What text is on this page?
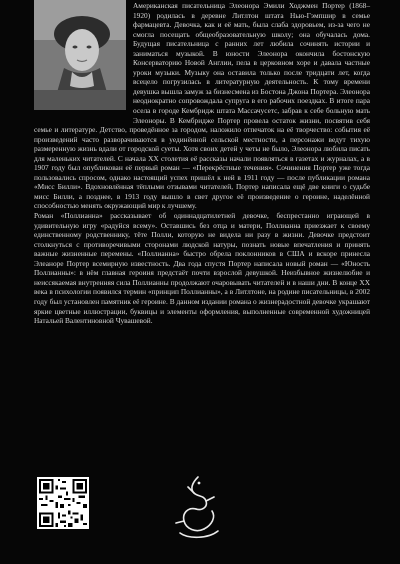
Американская писательница Элеонора Эмили Ходжмен Портер (1868–1920) родилась в деревне Литлтон штата Нью-Гэмпшир в семье фармацевта. Девочка, как и её мать, была слаба здоровьем, из-за чего не смогла посещать общеобразовательную школу; она обучалась дома. Будущая писательница с ранних лет любила сочинять истории и заниматься музыкой. В юности Элеонора окончила бостонскую Консерваторию Новой Англии, пела в церковном хоре и давала частные уроки музыки. Музыку она оставила только после тридцати лет, когда всецело погрузилась в литературную деятельность. К тому времени девушка вышла замуж за бизнесмена из Бостона Джона Портера. Элеонора неоднократно сопровождала супруга в его рабочих поездках. В итоге пара осела в городе Кембридж штата Массачусетс, забрав к себе больную мать Элеоноры. В Кембридже Портер провела остаток жизни, посвятив себя семье и литературе. Детство, проведённое за городом, наложило отпечаток на её творчество: события её произведений часто разворачиваются в уединённой сельской местности, а персонажи ведут тихую размеренную жизнь вдали от городской суеты. Хотя своих детей у четы не было, Элеонора любила писать для маленьких читателей. С начала XX столетия её рассказы начали появляться в газетах и журналах, а в 1907 году был опубликован её первый роман — «Перекрёстные течения». Сочинения Портер уже тогда пользовались спросом, однако настоящий успех пришёл к ней в 1911 году — после публикации романа «Мисс Билли». Вдохновлённая тёплыми отзывами читателей, Портер написала ещё две книги о судьбе мисс Билли, а позднее, в 1913 году вышло в свет другое её произведение о героине, наделённой способностью менять окружающий мир к лучшему.

Роман «Поллианна» рассказывает об одиннадцатилетней девочке, беспрестанно играющей в удивительную игру «радуйся всему». Оставшись без отца и матери, Поллианна приезжает к своему единственному родственнику, тёте Полли, которую не видела ни разу в жизни. Девочке предстоит столкнуться с противоречивыми сторонами людской натуры, познать новые впечатления и принять важные жизненные перемены. «Поллианна» быстро обрела поклонников в США и вскоре принесла Элеаноре Портер всемирную известность. Два года спустя Портер написала новый роман — «Юность Поллианны»: в нём главная героиня предстаёт почти взрослой девушкой. Неизбывное жизнелюбие и неиссякаемая внутренняя сила Поллианны продолжают очаровывать читателей и в наши дни. В конце XX века в психологии появился термин «принцип Поллианны», а в Литлтоне, на родине писательницы, в 2002 году был установлен памятник её героине. В данном издании романа о жизнерадостной девочке украшают яркие цветные иллюстрации, буквицы и элементы оформления, выполненные современной художницей Натальей Валентиновной Чувашевой.
